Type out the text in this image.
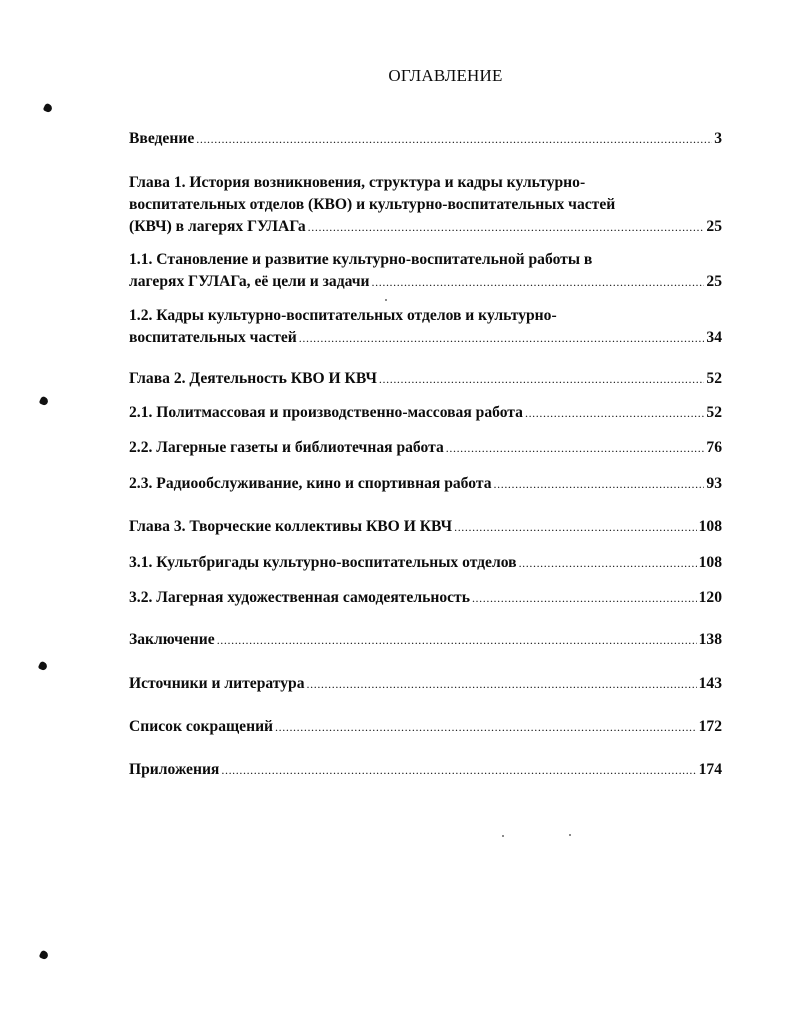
ОГЛАВЛЕНИЕ
Введение . . .	3
Глава 1. История возникновения, структура и кадры культурно-
воспитательных отделов (КВО) и культурно-воспитательных частей
(КВЧ) в лагерях ГУЛАГа . . .	25
1.1. Становление и развитие культурно-воспитательной работы в
лагерях ГУЛАГа, её цели и задачи . . .	25
1.2. Кадры культурно-воспитательных отделов и культурно-
воспитательных частей . . .	34
Глава 2. Деятельность КВО И КВЧ . . .	52
2.1. Политмассовая и производственно-массовая работа . . .	52
2.2. Лагерные газеты и библиотечная работа . . .	76
2.3. Радиообслуживание, кино и спортивная работа . . .	93
Глава 3. Творческие коллективы КВО И КВЧ . . .	108
3.1. Культбригады культурно-воспитательных отделов . . .	108
3.2. Лагерная художественная самодеятельность . . .	120
Заключение . . .	138
Источники и литература . . .	143
Список сокращений . . .	172
Приложения . . .	174
